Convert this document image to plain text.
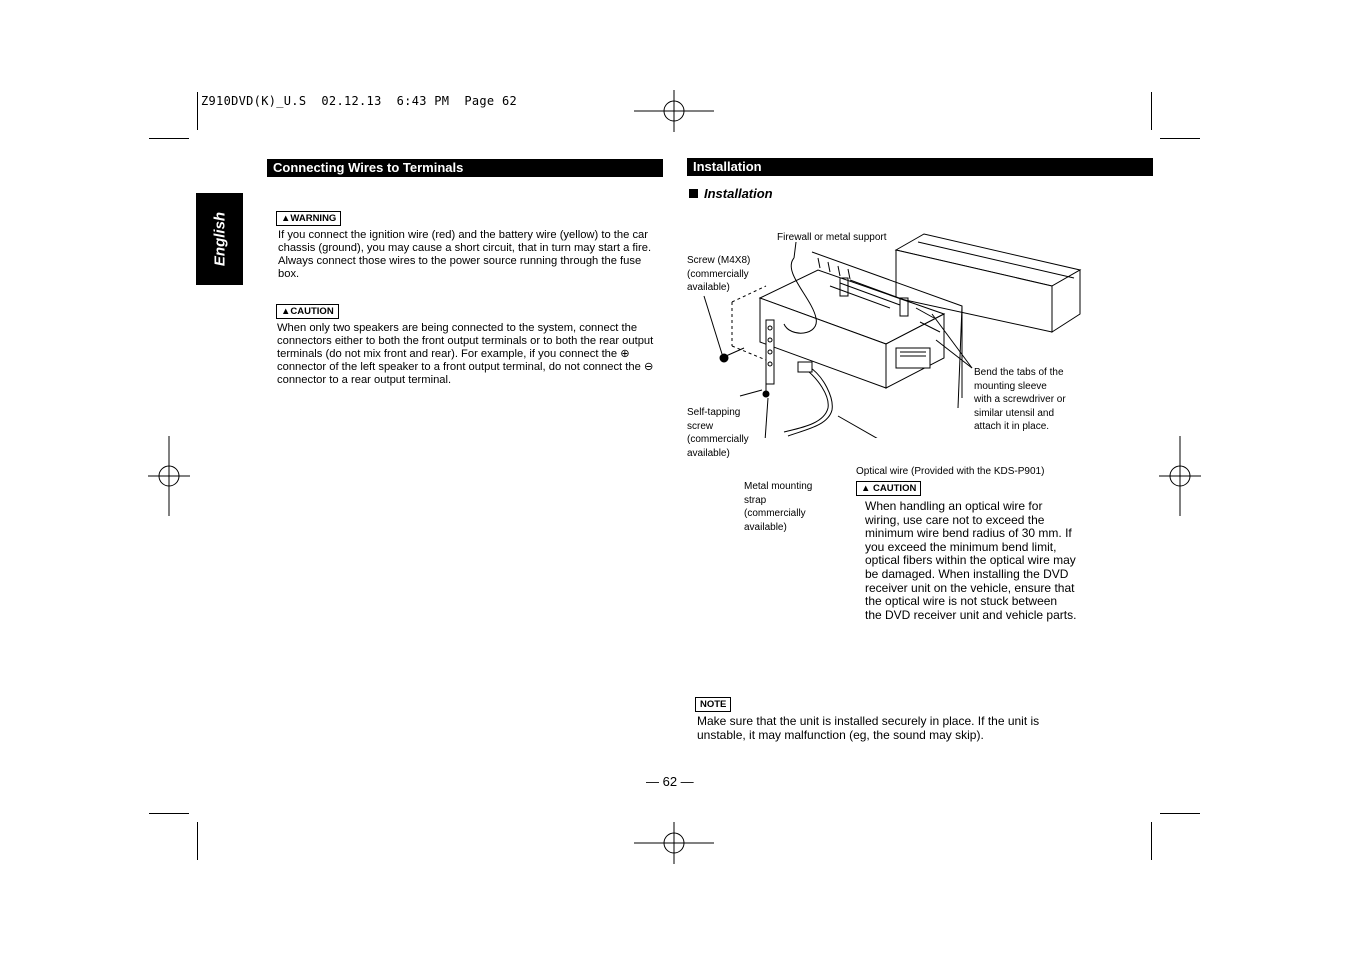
Z910DVD(K)_U.S  02.12.13  6:43 PM  Page 62
English
Connecting Wires to Terminals
▲WARNING
If you connect the ignition wire (red) and the battery wire (yellow) to the car chassis (ground), you may cause a short circuit, that in turn may start a fire. Always connect those wires to the power source running through the fuse box.
▲CAUTION
When only two speakers are being connected to the system, connect the connectors either to both the front output terminals or to both the rear output terminals (do not mix front and rear). For example, if you connect the ⊕ connector of the left speaker to a front output terminal, do not connect the ⊖ connector to a rear output terminal.
Installation
Installation
Firewall or metal support
Screw (M4X8)
(commercially
available)
Self-tapping
screw
(commercially
available)
Metal mounting
strap
(commercially
available)
Bend the tabs of the
mounting sleeve
with a screwdriver or
similar utensil and
attach it in place.
Optical wire (Provided with the KDS-P901)
▲ CAUTION
When handling an optical wire for wiring, use care not to exceed the minimum wire bend radius of 30 mm. If you exceed the minimum bend limit, optical fibers within the optical wire may be damaged. When installing the DVD receiver unit on the vehicle, ensure that the optical wire is not stuck between the DVD receiver unit and vehicle parts.
NOTE
Make sure that the unit is installed securely in place. If the unit is unstable, it may malfunction (eg, the sound may skip).
— 62 —
